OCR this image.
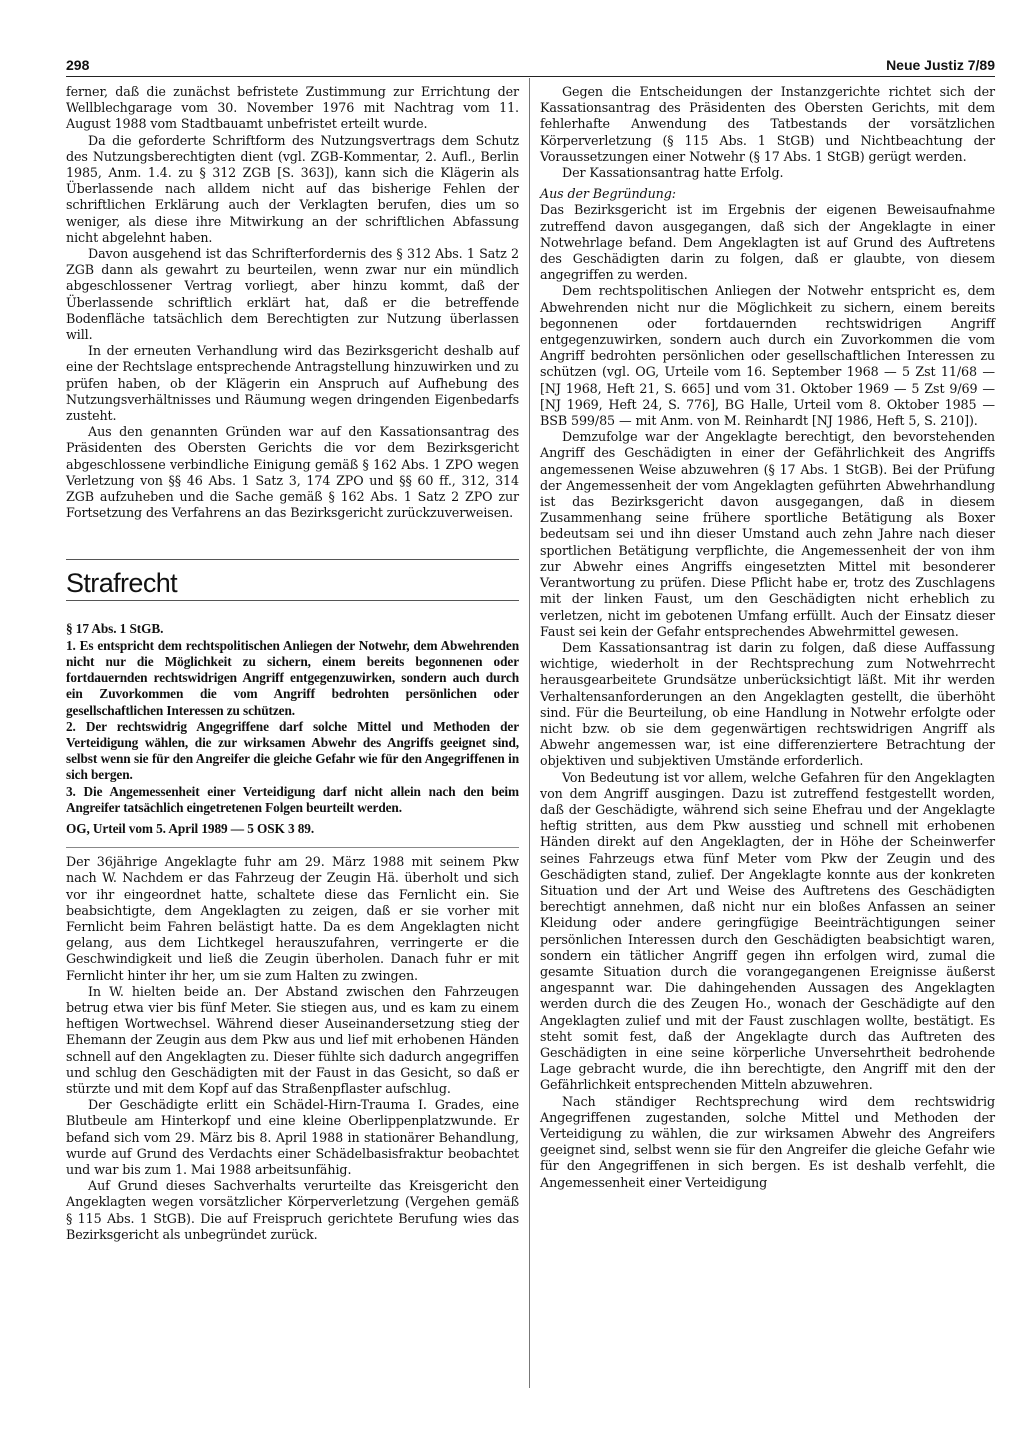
298	Neue Justiz 7/89

ferner, daß die zunächst befristete Zustimmung zur Errichtung der Wellblechgarage vom 30. November 1976 mit Nachtrag vom 11. August 1988 vom Stadtbauamt unbefristet erteilt wurde.

Da die geforderte Schriftform des Nutzungsvertrags dem Schutz des Nutzungsberechtigten dient (vgl. ZGB-Kommentar, 2. Aufl., Berlin 1985, Anm. 1.4. zu § 312 ZGB [S. 363]), kann sich die Klägerin als Überlassende nach alldem nicht auf das bisherige Fehlen der schriftlichen Erklärung auch der Verklagten berufen, dies um so weniger, als diese ihre Mitwirkung an der schriftlichen Abfassung nicht abgelehnt haben.

Davon ausgehend ist das Schrifterfordernis des § 312 Abs. 1 Satz 2 ZGB dann als gewahrt zu beurteilen, wenn zwar nur ein mündlich abgeschlossener Vertrag vorliegt, aber hinzu kommt, daß der Überlassende schriftlich erklärt hat, daß er die betreffende Bodenfläche tatsächlich dem Berechtigten zur Nutzung überlassen will.

In der erneuten Verhandlung wird das Bezirksgericht deshalb auf eine der Rechtslage entsprechende Antragstellung hinzuwirken und zu prüfen haben, ob der Klägerin ein Anspruch auf Aufhebung des Nutzungsverhältnisses und Räumung wegen dringenden Eigenbedarfs zusteht.

Aus den genannten Gründen war auf den Kassationsantrag des Präsidenten des Obersten Gerichts die vor dem Bezirksgericht abgeschlossene verbindliche Einigung gemäß § 162 Abs. 1 ZPO wegen Verletzung von §§ 46 Abs. 1 Satz 3, 174 ZPO und §§ 60 ff., 312, 314 ZGB aufzuheben und die Sache gemäß § 162 Abs. 1 Satz 2 ZPO zur Fortsetzung des Verfahrens an das Bezirksgericht zurückzuverweisen.

Strafrecht

§ 17 Abs. 1 StGB.

1. Es entspricht dem rechtspolitischen Anliegen der Notwehr, dem Abwehrenden nicht nur die Möglichkeit zu sichern, einem bereits begonnenen oder fortdauernden rechtswidrigen Angriff entgegenzuwirken, sondern auch durch ein Zuvorkommen die vom Angriff bedrohten persönlichen oder gesellschaftlichen Interessen zu schützen.

2. Der rechtswidrig Angegriffene darf solche Mittel und Methoden der Verteidigung wählen, die zur wirksamen Abwehr des Angriffs geeignet sind, selbst wenn sie für den Angreifer die gleiche Gefahr wie für den Angegriffenen in sich bergen.

3. Die Angemessenheit einer Verteidigung darf nicht allein nach den beim Angreifer tatsächlich eingetretenen Folgen beurteilt werden.

OG, Urteil vom 5. April 1989 — 5 OSK 3 89.

Der 36jährige Angeklagte fuhr am 29. März 1988 mit seinem Pkw nach W. Nachdem er das Fahrzeug der Zeugin Hä. überholt und sich vor ihr eingeordnet hatte, schaltete diese das Fernlicht ein. Sie beabsichtigte, dem Angeklagten zu zeigen, daß er sie vorher mit Fernlicht beim Fahren belästigt hatte. Da es dem Angeklagten nicht gelang, aus dem Lichtkegel herauszufahren, verringerte er die Geschwindigkeit und ließ die Zeugin überholen. Danach fuhr er mit Fernlicht hinter ihr her, um sie zum Halten zu zwingen.

In W. hielten beide an. Der Abstand zwischen den Fahrzeugen betrug etwa vier bis fünf Meter. Sie stiegen aus, und es kam zu einem heftigen Wortwechsel. Während dieser Auseinandersetzung stieg der Ehemann der Zeugin aus dem Pkw aus und lief mit erhobenen Händen schnell auf den Angeklagten zu. Dieser fühlte sich dadurch angegriffen und schlug den Geschädigten mit der Faust in das Gesicht, so daß er stürzte und mit dem Kopf auf das Straßenpflaster aufschlug.

Der Geschädigte erlitt ein Schädel-Hirn-Trauma I. Grades, eine Blutbeule am Hinterkopf und eine kleine Oberlippenplatzwunde. Er befand sich vom 29. März bis 8. April 1988 in stationärer Behandlung, wurde auf Grund des Verdachts einer Schädelbasisfraktur beobachtet und war bis zum 1. Mai 1988 arbeitsunfähig.

Auf Grund dieses Sachverhalts verurteilte das Kreisgericht den Angeklagten wegen vorsätzlicher Körperverletzung (Vergehen gemäß § 115 Abs. 1 StGB). Die auf Freispruch gerichtete Berufung wies das Bezirksgericht als unbegründet zurück.

Gegen die Entscheidungen der Instanzgerichte richtet sich der Kassationsantrag des Präsidenten des Obersten Gerichts, mit dem fehlerhafte Anwendung des Tatbestands der vorsätzlichen Körperverletzung (§ 115 Abs. 1 StGB) und Nichtbeachtung der Voraussetzungen einer Notwehr (§ 17 Abs. 1 StGB) gerügt werden.

Der Kassationsantrag hatte Erfolg.

Aus der Begründung:

Das Bezirksgericht ist im Ergebnis der eigenen Beweisaufnahme zutreffend davon ausgegangen, daß sich der Angeklagte in einer Notwehrlage befand. Dem Angeklagten ist auf Grund des Auftretens des Geschädigten darin zu folgen, daß er glaubte, von diesem angegriffen zu werden.

Dem rechtspolitischen Anliegen der Notwehr entspricht es, dem Abwehrenden nicht nur die Möglichkeit zu sichern, einem bereits begonnenen oder fortdauernden rechtswidrigen Angriff entgegenzuwirken, sondern auch durch ein Zuvorkommen die vom Angriff bedrohten persönlichen oder gesellschaftlichen Interessen zu schützen (vgl. OG, Urteile vom 16. September 1968 — 5 Zst 11/68 — [NJ 1968, Heft 21, S. 665] und vom 31. Oktober 1969 — 5 Zst 9/69 — [NJ 1969, Heft 24, S. 776], BG Halle, Urteil vom 8. Oktober 1985 — BSB 599/85 — mit Anm. von M. Reinhardt [NJ 1986, Heft 5, S. 210]).

Demzufolge war der Angeklagte berechtigt, den bevorstehenden Angriff des Geschädigten in einer der Gefährlichkeit des Angriffs angemessenen Weise abzuwehren (§ 17 Abs. 1 StGB). Bei der Prüfung der Angemessenheit der vom Angeklagten geführten Abwehrhandlung ist das Bezirksgericht davon ausgegangen, daß in diesem Zusammenhang seine frühere sportliche Betätigung als Boxer bedeutsam sei und ihn dieser Umstand auch zehn Jahre nach dieser sportlichen Betätigung verpflichte, die Angemessenheit der von ihm zur Abwehr eines Angriffs eingesetzten Mittel mit besonderer Verantwortung zu prüfen. Diese Pflicht habe er, trotz des Zuschlagens mit der linken Faust, um den Geschädigten nicht erheblich zu verletzen, nicht im gebotenen Umfang erfüllt. Auch der Einsatz dieser Faust sei kein der Gefahr entsprechendes Abwehrmittel gewesen.

Dem Kassationsantrag ist darin zu folgen, daß diese Auffassung wichtige, wiederholt in der Rechtsprechung zum Notwehrrecht herausgearbeitete Grundsätze unberücksichtigt läßt. Mit ihr werden Verhaltensanforderungen an den Angeklagten gestellt, die überhöht sind. Für die Beurteilung, ob eine Handlung in Notwehr erfolgte oder nicht bzw. ob sie dem gegenwärtigen rechtswidrigen Angriff als Abwehr angemessen war, ist eine differenziertere Betrachtung der objektiven und subjektiven Umstände erforderlich.

Von Bedeutung ist vor allem, welche Gefahren für den Angeklagten von dem Angriff ausgingen. Dazu ist zutreffend festgestellt worden, daß der Geschädigte, während sich seine Ehefrau und der Angeklagte heftig stritten, aus dem Pkw ausstieg und schnell mit erhobenen Händen direkt auf den Angeklagten, der in Höhe der Scheinwerfer seines Fahrzeugs etwa fünf Meter vom Pkw der Zeugin und des Geschädigten stand, zulief. Der Angeklagte konnte aus der konkreten Situation und der Art und Weise des Auftretens des Geschädigten berechtigt annehmen, daß nicht nur ein bloßes Anfassen an seiner Kleidung oder andere geringfügige Beeinträchtigungen seiner persönlichen Interessen durch den Geschädigten beabsichtigt waren, sondern ein tätlicher Angriff gegen ihn erfolgen wird, zumal die gesamte Situation durch die vorangegangenen Ereignisse äußerst angespannt war. Die dahingehenden Aussagen des Angeklagten werden durch die des Zeugen Ho., wonach der Geschädigte auf den Angeklagten zulief und mit der Faust zuschlagen wollte, bestätigt. Es steht somit fest, daß der Angeklagte durch das Auftreten des Geschädigten in eine seine körperliche Unversehrtheit bedrohende Lage gebracht wurde, die ihn berechtigte, den Angriff mit den der Gefährlichkeit entsprechenden Mitteln abzuwehren.

Nach ständiger Rechtsprechung wird dem rechtswidrig Angegriffenen zugestanden, solche Mittel und Methoden der Verteidigung zu wählen, die zur wirksamen Abwehr des Angreifers geeignet sind, selbst wenn sie für den Angreifer die gleiche Gefahr wie für den Angegriffenen in sich bergen. Es ist deshalb verfehlt, die Angemessenheit einer Verteidigung
